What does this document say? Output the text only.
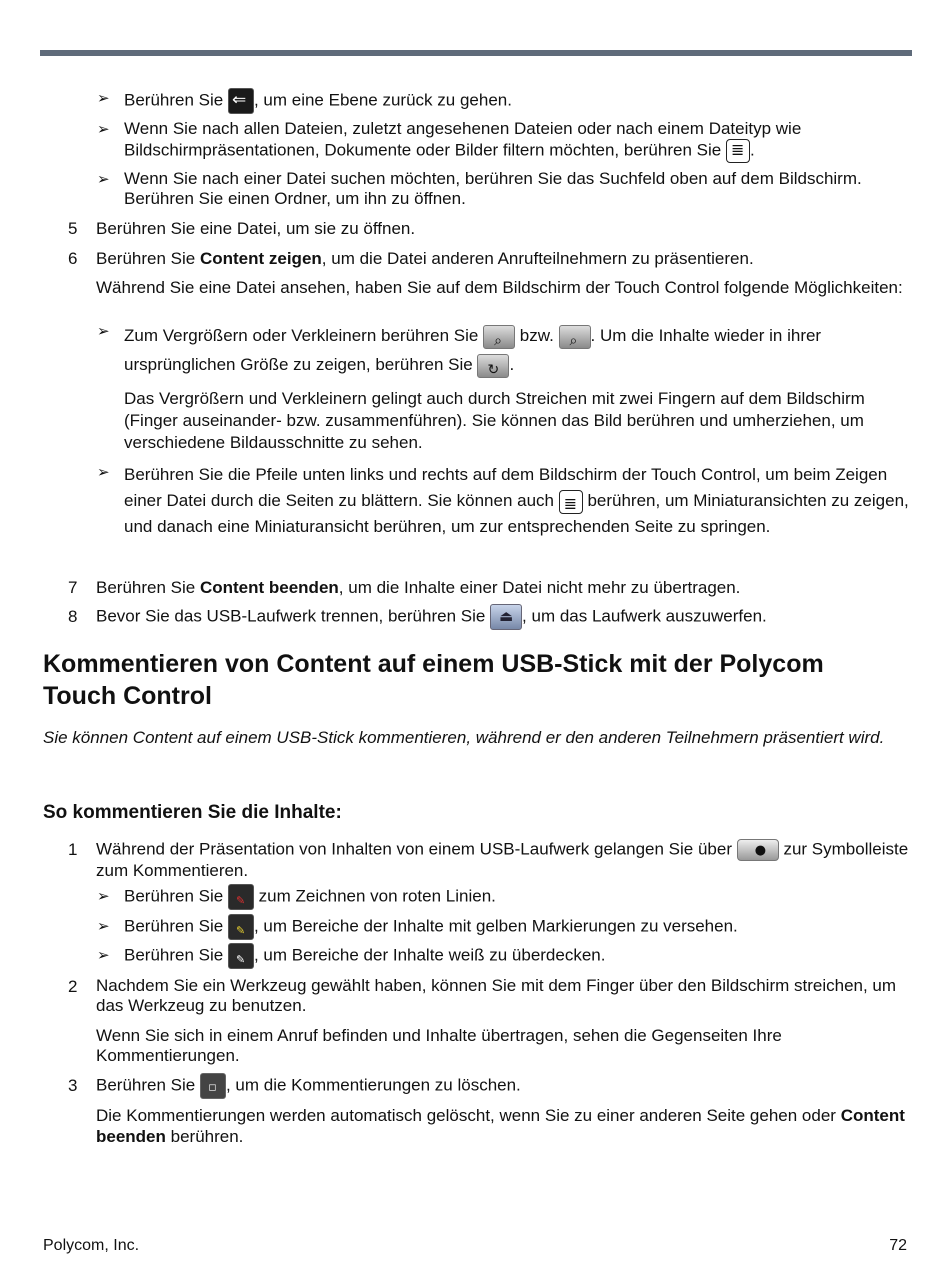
➢ Berühren Sie ⇐, um eine Ebene zurück zu gehen.
➢ Wenn Sie nach allen Dateien, zuletzt angesehenen Dateien oder nach einem Dateityp wie Bildschirmpräsentationen, Dokumente oder Bilder filtern möchten, berühren Sie ≣.
➢ Wenn Sie nach einer Datei suchen möchten, berühren Sie das Suchfeld oben auf dem Bildschirm. Berühren Sie einen Ordner, um ihn zu öffnen.
5 Berühren Sie eine Datei, um sie zu öffnen.
6 Berühren Sie Content zeigen, um die Datei anderen Anrufteilnehmern zu präsentieren.
Während Sie eine Datei ansehen, haben Sie auf dem Bildschirm der Touch Control folgende Möglichkeiten:
➢ Zum Vergrößern oder Verkleinern berühren Sie ⌕ bzw. ⌕. Um die Inhalte wieder in ihrer ursprünglichen Größe zu zeigen, berühren Sie ↻.
Das Vergrößern und Verkleinern gelingt auch durch Streichen mit zwei Fingern auf dem Bildschirm (Finger auseinander- bzw. zusammenführen). Sie können das Bild berühren und umherziehen, um verschiedene Bildausschnitte zu sehen.
➢ Berühren Sie die Pfeile unten links und rechts auf dem Bildschirm der Touch Control, um beim Zeigen einer Datei durch die Seiten zu blättern. Sie können auch ≣ berühren, um Miniaturansichten zu zeigen, und danach eine Miniaturansicht berühren, um zur entsprechenden Seite zu springen.
7 Berühren Sie Content beenden, um die Inhalte einer Datei nicht mehr zu übertragen.
8 Bevor Sie das USB-Laufwerk trennen, berühren Sie ⏏, um das Laufwerk auszuwerfen.
Kommentieren von Content auf einem USB-Stick mit der Polycom Touch Control
Sie können Content auf einem USB-Stick kommentieren, während er den anderen Teilnehmern präsentiert wird.
So kommentieren Sie die Inhalte:
1 Während der Präsentation von Inhalten von einem USB-Laufwerk gelangen Sie über ● zur Symbolleiste zum Kommentieren.
➢ Berühren Sie ✎ zum Zeichnen von roten Linien.
➢ Berühren Sie ✎, um Bereiche der Inhalte mit gelben Markierungen zu versehen.
➢ Berühren Sie ✎, um Bereiche der Inhalte weiß zu überdecken.
2 Nachdem Sie ein Werkzeug gewählt haben, können Sie mit dem Finger über den Bildschirm streichen, um das Werkzeug zu benutzen.
Wenn Sie sich in einem Anruf befinden und Inhalte übertragen, sehen die Gegenseiten Ihre Kommentierungen.
3 Berühren Sie ▫, um die Kommentierungen zu löschen.
Die Kommentierungen werden automatisch gelöscht, wenn Sie zu einer anderen Seite gehen oder Content beenden berühren.
Polycom, Inc.	72
